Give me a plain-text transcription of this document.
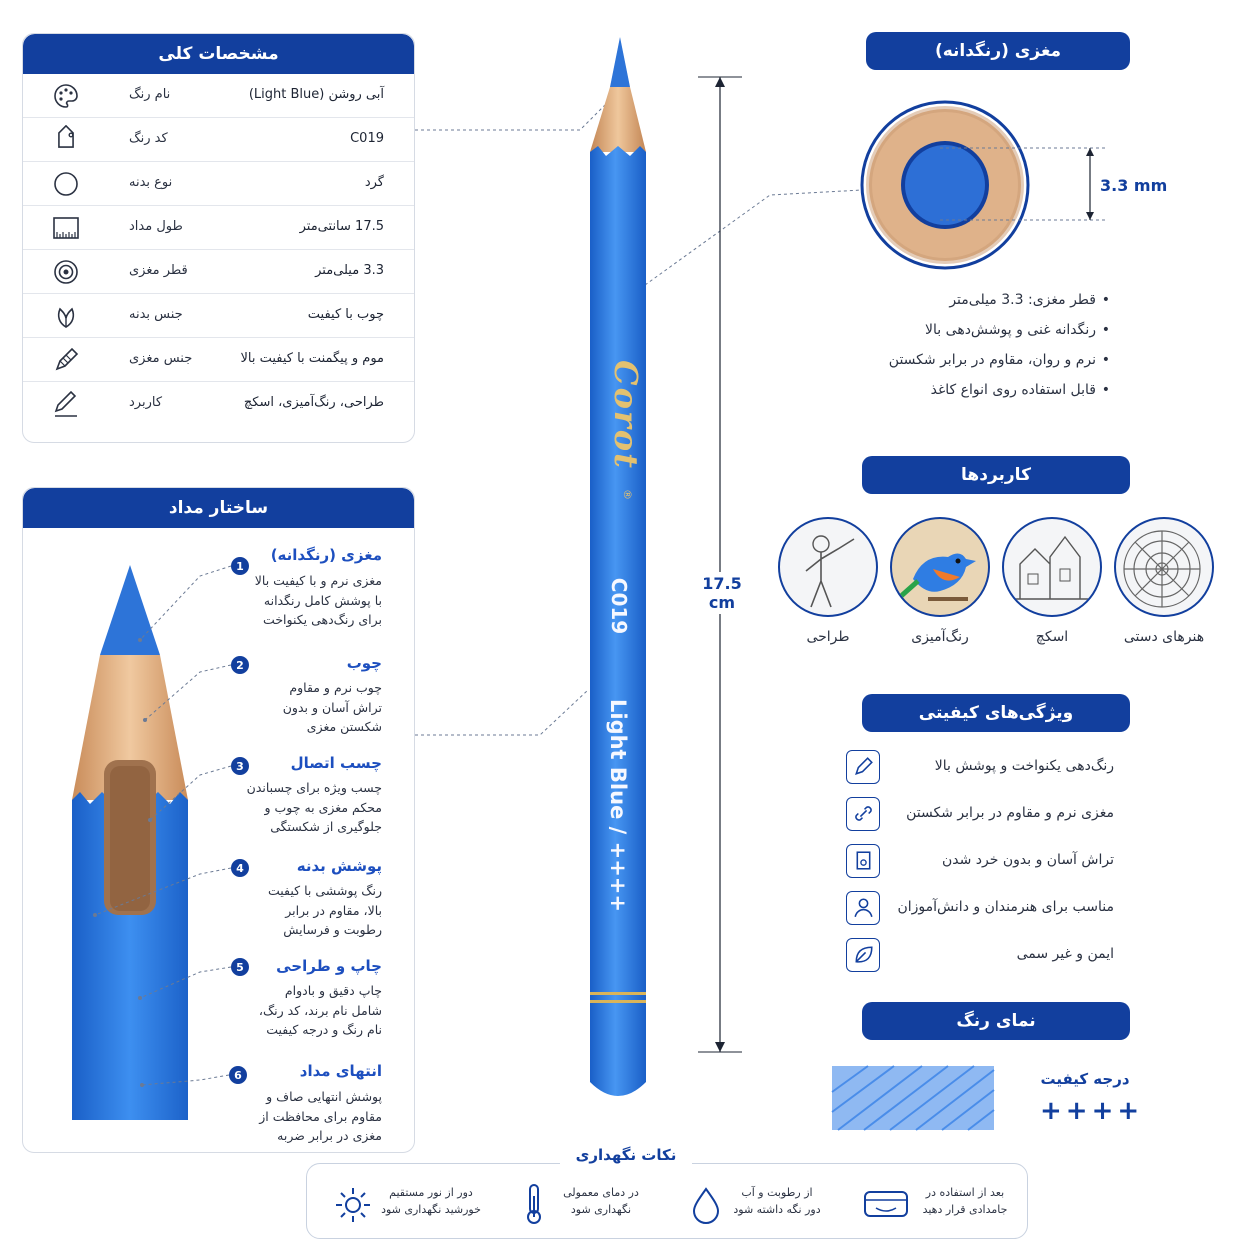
مشخصات کلی
نام رنگ	آبی روشن (Light Blue)
کد رنگ	C019
نوع بدنه	گرد
طول مداد	17.5 سانتی‌متر
قطر مغزی	3.3 میلی‌متر
جنس بدنه	چوب با کیفیت
جنس مغزی	موم و پیگمنت با کیفیت بالا
کاربرد	طراحی، رنگ‌آمیزی، اسکچ
ساختار مداد
1
مغزی (رنگدانه)
مغزی نرم و با کیفیت بالا
با پوشش کامل رنگدانه
برای رنگ‌دهی یکنواخت
2	چوب
چوب نرم و مقاوم
تراش آسان و بدون
شکستن مغزی
3	چسب اتصال
چسب ویژه برای چسباندن
محکم مغزی به چوب و
جلوگیری از شکستگی
4	پوشش بدنه
رنگ پوششی با کیفیت
بالا، مقاوم در برابر
رطوبت و فرسایش
5	چاپ و طراحی
چاپ دقیق و بادوام
شامل نام برند، کد رنگ،
نام رنگ و درجه کیفیت
6	انتهای مداد
پوشش انتهایی صاف و
مقاوم برای محافظت از
مغزی در برابر ضربه
Corot
®
C019
Light Blue / ++++
17.5 cm
مغزی (رنگدانه)
3.3 mm
قطر مغزی: 3.3 میلی‌متر •
رنگدانه غنی و پوشش‌دهی بالا •
نرم و روان، مقاوم در برابر شکستن •
قابل استفاده روی انواع کاغذ •
کاربردها
طراحی	رنگ‌آمیزی	اسکچ	هنرهای دستی
ویژگی‌های کیفیتی
رنگ‌دهی یکنواخت و پوشش بالا
مغزی نرم و مقاوم در برابر شکستن
تراش آسان و بدون خرد شدن
مناسب برای هنرمندان و دانش‌آموزان
ایمن و غیر سمی
نمای رنگ
درجه کیفیت
++++
نکات نگهداری
بعد از استفاده در
جامدادی قرار دهید
از رطوبت و آب
دور نگه داشته شود
در دمای معمولی
نگهداری شود
دور از نور مستقیم
خورشید نگهداری شود
